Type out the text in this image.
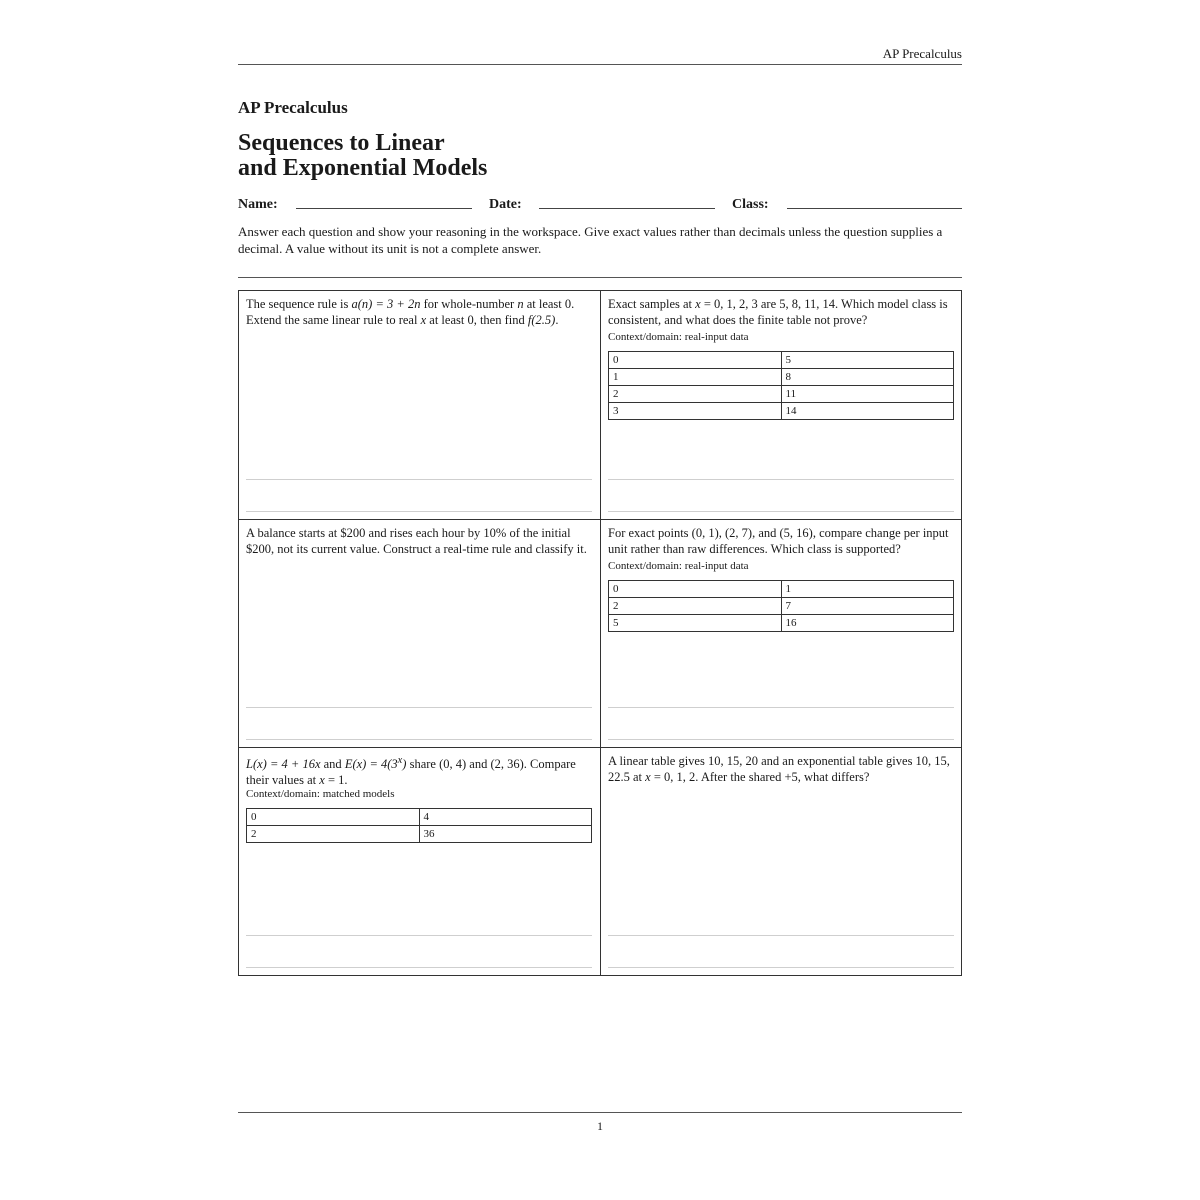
AP Precalculus
AP Precalculus
Sequences to Linear
and Exponential Models
Name:	Date:	Class:

Answer each question and show your reasoning in the workspace. Give exact values rather than decimals unless the question supplies a decimal. A value without its unit is not a complete answer.

The sequence rule is a(n) = 3 + 2n for whole-number n at least 0.
Extend the same linear rule to real x at least 0, then find f(2.5).

Exact samples at x = 0, 1, 2, 3 are 5, 8, 11, 14. Which model class is consistent, and what does the finite table not prove?

Context/domain: real-input data

0	5
1	8
2	11
3	14

A balance starts at $200 and rises each hour by 10% of the initial $200, not its current value. Construct a real-time rule and classify it.

For exact points (0, 1), (2, 7), and (5, 16), compare change per input unit rather than raw differences. Which class is supported?

Context/domain: real-input data

0	1
2	7
5	16

L(x) = 4 + 16x and $E(x) = 4(3^x)$ share (0, 4) and (2, 36). Compare their values at x = 1.

Context/domain: matched models

0	4
2	36

A linear table gives 10, 15, 20 and an exponential table gives 10, 15, 22.5 at x = 0, 1, 2. After the shared +5, what differs?

1
